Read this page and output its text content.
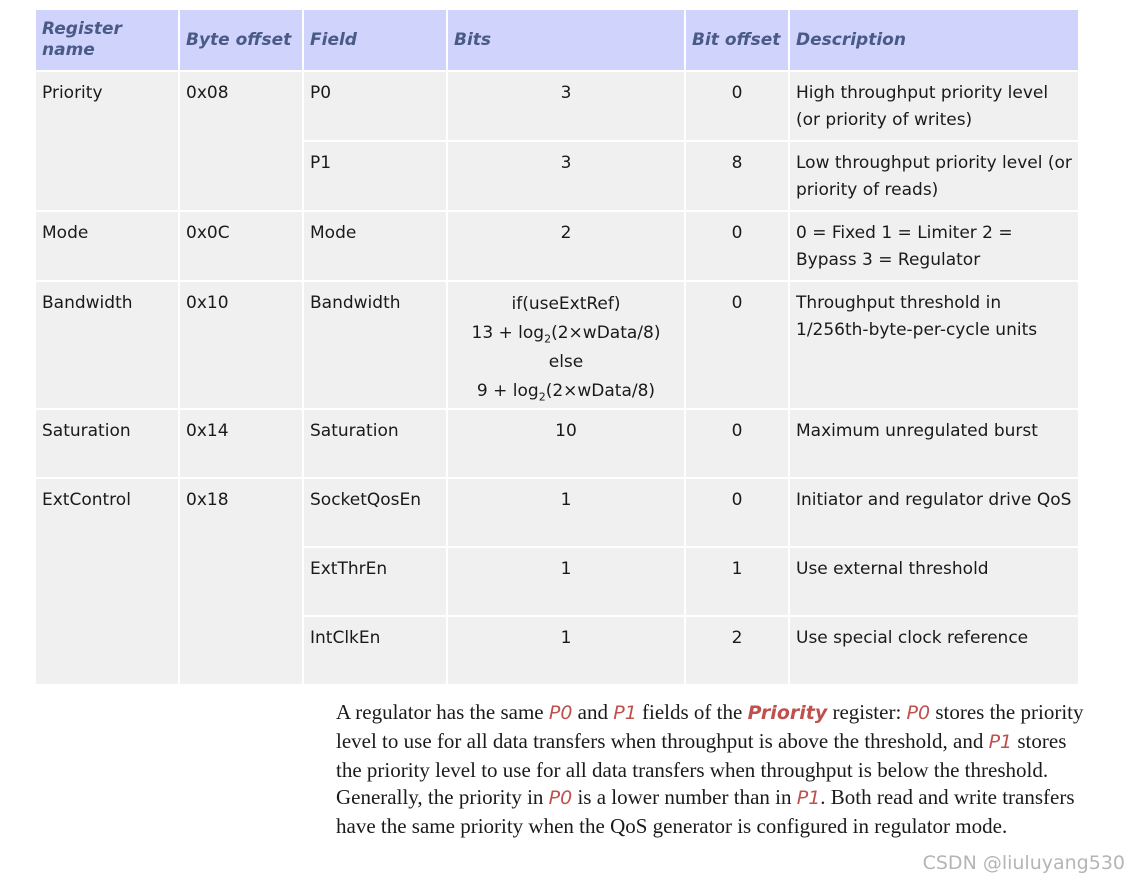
Register name	Byte offset	Field	Bits	Bit offset	Description
Priority	0x08	P0	3	0	High throughput priority level (or priority of writes)
		P1	3	8	Low throughput priority level (or priority of reads)
Mode	0x0C	Mode	2	0	0 = Fixed 1 = Limiter 2 = Bypass 3 = Regulator
Bandwidth	0x10	Bandwidth	if(useExtRef)
$13 + \log_2(2\times wData/8)$
else
$9 + \log_2(2\times wData/8)$	0	Throughput threshold in 1/256th-byte-per-cycle units
Saturation	0x14	Saturation	10	0	Maximum unregulated burst
ExtControl	0x18	SocketQosEn	1	0	Initiator and regulator drive QoS
		ExtThrEn	1	1	Use external threshold
		IntClkEn	1	2	Use special clock reference
A regulator has the same P0 and P1 fields of the Priority register: P0 stores the priority level to use for all data transfers when throughput is above the threshold, and P1 stores the priority level to use for all data transfers when throughput is below the threshold. Generally, the priority in P0 is a lower number than in P1. Both read and write transfers have the same priority when the QoS generator is configured in regulator mode.
CSDN @liuluyang530
